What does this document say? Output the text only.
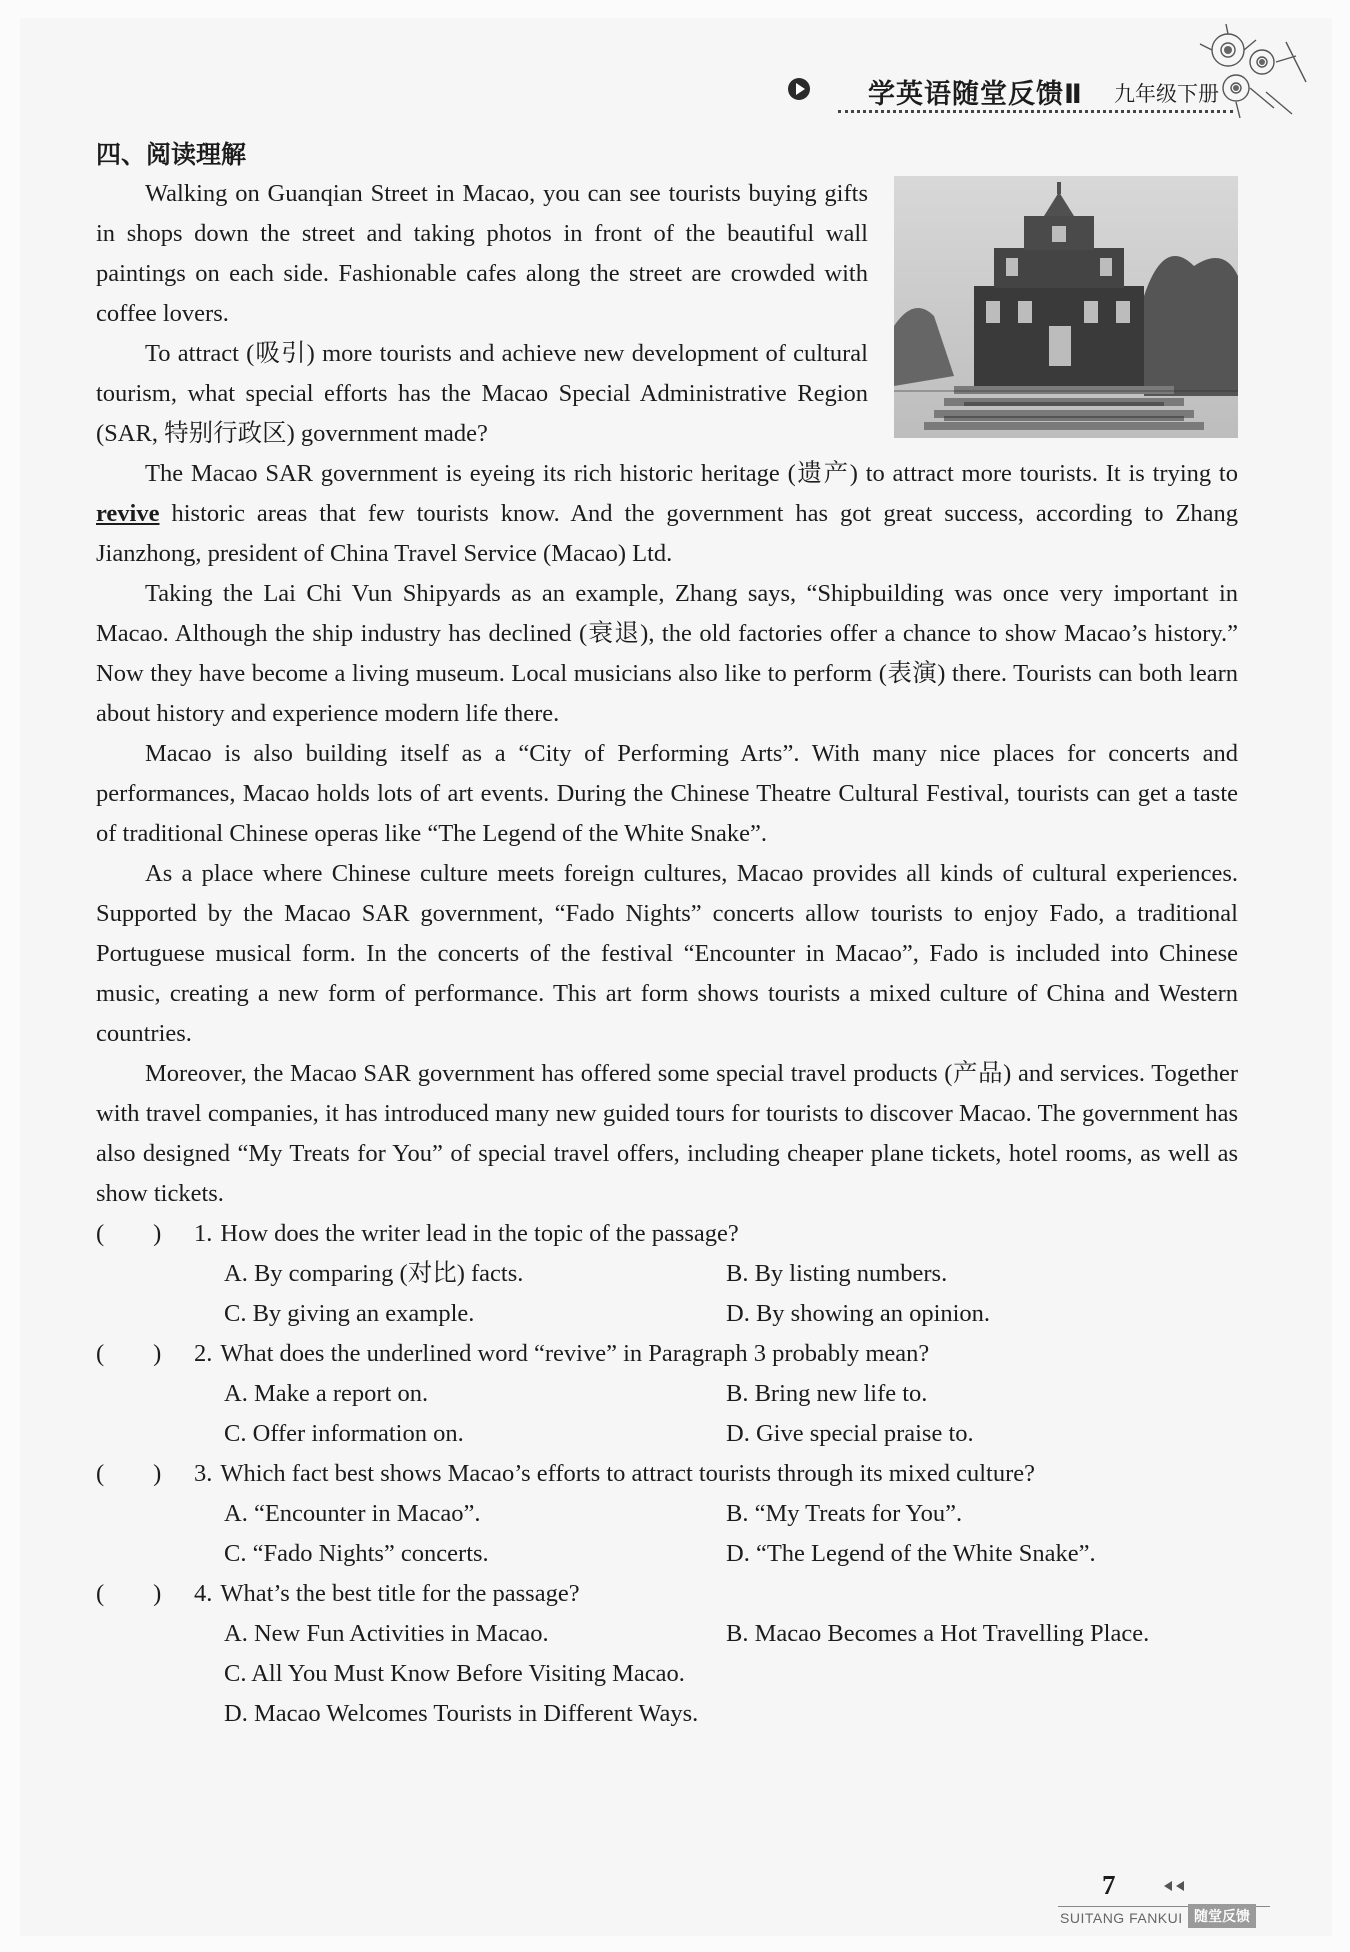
学英语随堂反馈Ⅱ 九年级下册
四、阅读理解

Walking on Guanqian Street in Macao, you can see tourists buying gifts in shops down the street and taking photos in front of the beautiful wall paintings on each side. Fashionable cafes along the street are crowded with coffee lovers.

To attract (吸引) more tourists and achieve new development of cultural tourism, what special efforts has the Macao Special Administrative Region (SAR, 特别行政区) government made?

The Macao SAR government is eyeing its rich historic heritage (遗产) to attract more tourists. It is trying to revive historic areas that few tourists know. And the government has got great success, according to Zhang Jianzhong, president of China Travel Service (Macao) Ltd.

Taking the Lai Chi Vun Shipyards as an example, Zhang says, “Shipbuilding was once very important in Macao. Although the ship industry has declined (衰退), the old factories offer a chance to show Macao’s history.” Now they have become a living museum. Local musicians also like to perform (表演) there. Tourists can both learn about history and experience modern life there.

Macao is also building itself as a “City of Performing Arts”. With many nice places for concerts and performances, Macao holds lots of art events. During the Chinese Theatre Cultural Festival, tourists can get a taste of traditional Chinese operas like “The Legend of the White Snake”.

As a place where Chinese culture meets foreign cultures, Macao provides all kinds of cultural experiences. Supported by the Macao SAR government, “Fado Nights” concerts allow tourists to enjoy Fado, a traditional Portuguese musical form. In the concerts of the festival “Encounter in Macao”, Fado is included into Chinese music, creating a new form of performance. This art form shows tourists a mixed culture of China and Western countries.

Moreover, the Macao SAR government has offered some special travel products (产品) and services. Together with travel companies, it has introduced many new guided tours for tourists to discover Macao. The government has also designed “My Treats for You” of special travel offers, including cheaper plane tickets, hotel rooms, as well as show tickets.

(　　)	1. How does the writer lead in the topic of the passage?
A. By comparing (对比) facts.	B. By listing numbers.
C. By giving an example.	D. By showing an opinion.
(　　)	2. What does the underlined word “revive” in Paragraph 3 probably mean?
A. Make a report on.	B. Bring new life to.
C. Offer information on.	D. Give special praise to.
(　　)	3. Which fact best shows Macao’s efforts to attract tourists through its mixed culture?
A. “Encounter in Macao”.	B. “My Treats for You”.
C. “Fado Nights” concerts.	D. “The Legend of the White Snake”.
(　　)	4. What’s the best title for the passage?
A. New Fun Activities in Macao.	B. Macao Becomes a Hot Travelling Place.
C. All You Must Know Before Visiting Macao.
D. Macao Welcomes Tourists in Different Ways.
7
SUITANG FANKUI 随堂反馈
